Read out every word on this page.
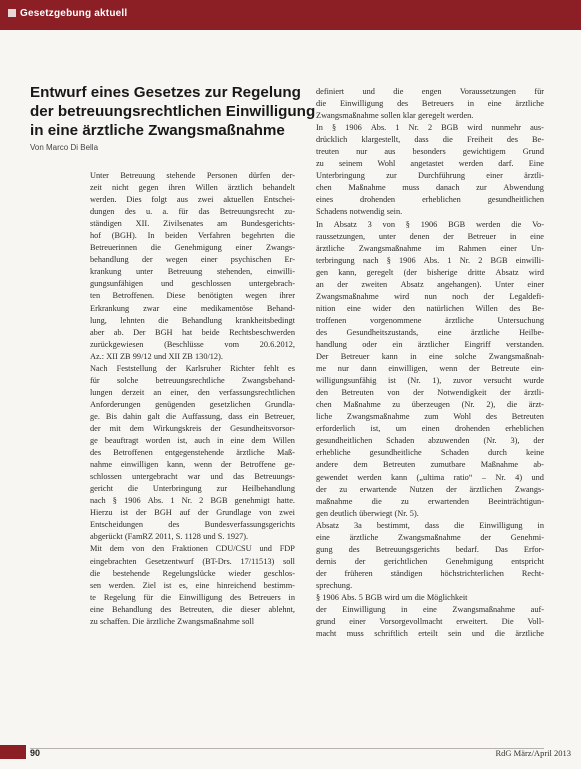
Gesetzgebung aktuell
Entwurf eines Gesetzes zur Regelung
der betreuungsrechtlichen Einwilligung
in eine ärztliche Zwangsmaßnahme
Von Marco Di Bella
Unter Betreuung stehende Personen dürfen der-
zeit nicht gegen ihren Willen ärztlich behandelt
werden. Dies folgt aus zwei aktuellen Entschei-
dungen des u. a. für das Betreuungsrecht zu-
ständigen XII. Zivilsenates am Bundesgerichts-
hof (BGH). In beiden Verfahren begehrten die
Betreuerinnen die Genehmigung einer Zwangs-
behandlung der wegen einer psychischen Er-
krankung unter Betreuung stehenden, einwilli-
gungsunfähigen und geschlossen untergebrach-
ten Betroffenen. Diese benötigten wegen ihrer
Erkrankung zwar eine medikamentöse Behand-
lung, lehnten die Behandlung krankheitsbedingt
aber ab. Der BGH hat beide Rechtsbeschwerden
zurückgewiesen (Beschlüsse vom 20.6.2012,
Az.: XII ZB 99/12 und XII ZB 130/12).
Nach Feststellung der Karlsruher Richter fehlt es
für solche betreuungsrechtliche Zwangsbehand-
lungen derzeit an einer, den verfassungsrechtlichen
Anforderungen genügenden gesetzlichen Grundla-
ge. Bis dahin galt die Auffassung, dass ein Betreuer,
der mit dem Wirkungskreis der Gesundheitsvorsor-
ge beauftragt worden ist, auch in eine dem Willen
des Betroffenen entgegenstehende ärztliche Maß-
nahme einwilligen kann, wenn der Betroffene ge-
schlossen untergebracht war und das Betreuungs-
gericht die Unterbringung zur Heilbehandlung
nach § 1906 Abs. 1 Nr. 2 BGB genehmigt hatte.
Hierzu ist der BGH auf der Grundlage von zwei
Entscheidungen	des	Bundesverfassungsgerichts
abgerückt (FamRZ 2011, S. 1128 und S. 1927).
Mit dem von den Fraktionen CDU/CSU und FDP
eingebrachten Gesetzentwurf (BT-Drs. 17/11513) soll
die bestehende Regelungslücke wieder geschlos-
sen werden. Ziel ist es, eine hinreichend bestimm-
te Regelung für die Einwilligung des Betreuers in
eine Behandlung des Betreuten, die dieser ablehnt,
zu schaffen. Die ärztliche Zwangsmaßnahme soll
definiert und die engen Voraussetzungen für
die Einwilligung des Betreuers in eine ärztliche
Zwangsmaßnahme sollen klar geregelt werden.
In § 1906 Abs. 1 Nr. 2 BGB wird nunmehr aus-
drücklich klargestellt, dass die Freiheit des Be-
treuten nur aus besonders gewichtigem Grund
zu seinem Wohl angetastet werden darf. Eine
Unterbringung	zur	Durchführung	einer	ärztli-
chen Maßnahme muss danach zur Abwendung
eines	drohenden	erheblichen	gesundheitlichen
Schadens notwendig sein.
In Absatz 3 von § 1906 BGB werden die Vo-
raussetzungen, unter denen der Betreuer in eine
ärztliche Zwangsmaßnahme im Rahmen einer Un-
terbringung nach § 1906 Abs. 1 Nr. 2 BGB einwilli-
gen kann, geregelt (der bisherige dritte Absatz wird
an der zweiten Absatz angehangen). Unter einer
Zwangsmaßnahme wird nun noch der Legaldefi-
nition eine wider den natürlichen Willen des Be-
troffenen	vorgenommene	ärztliche	Untersuchung
des Gesundheitszustands, eine ärztliche Heilbe-
handlung oder ein ärztlicher Eingriff verstanden.
Der Betreuer kann in eine solche Zwangsmaßnah-
me nur dann einwilligen, wenn der Betreute ein-
willigungsunfähig ist (Nr. 1), zuvor versucht wurde
den Betreuten von der Notwendigkeit der ärztli-
chen Maßnahme zu überzeugen (Nr. 2), die ärzt-
liche Zwangsmaßnahme zum Wohl des Betreuten
erforderlich ist, um einen drohenden erheblichen
gesundheitlichen Schaden abzuwenden (Nr. 3), der
erhebliche gesundheitliche Schaden durch keine
andere dem Betreuten zumutbare Maßnahme ab-
gewendet werden kann („ultima ratio“ – Nr. 4) und
der zu erwartende Nutzen der ärztlichen Zwangs-
maßnahme die zu erwartenden Beeinträchtigun-
gen deutlich überwiegt (Nr. 5).
Absatz 3a bestimmt, dass die Einwilligung in
eine ärztliche Zwangsmaßnahme der Genehmi-
gung des Betreuungsgerichts bedarf. Das Erfor-
dernis der gerichtlichen Genehmigung entspricht
der früheren ständigen höchstrichterlichen Recht-
sprechung.
§ 1906 Abs. 5 BGB wird um die Möglichkeit
der Einwilligung in eine Zwangsmaßnahme auf-
grund einer Vorsorgevollmacht erweitert. Die Voll-
macht muss schriftlich erteilt sein und die ärztliche
90	RdG März/April 2013
